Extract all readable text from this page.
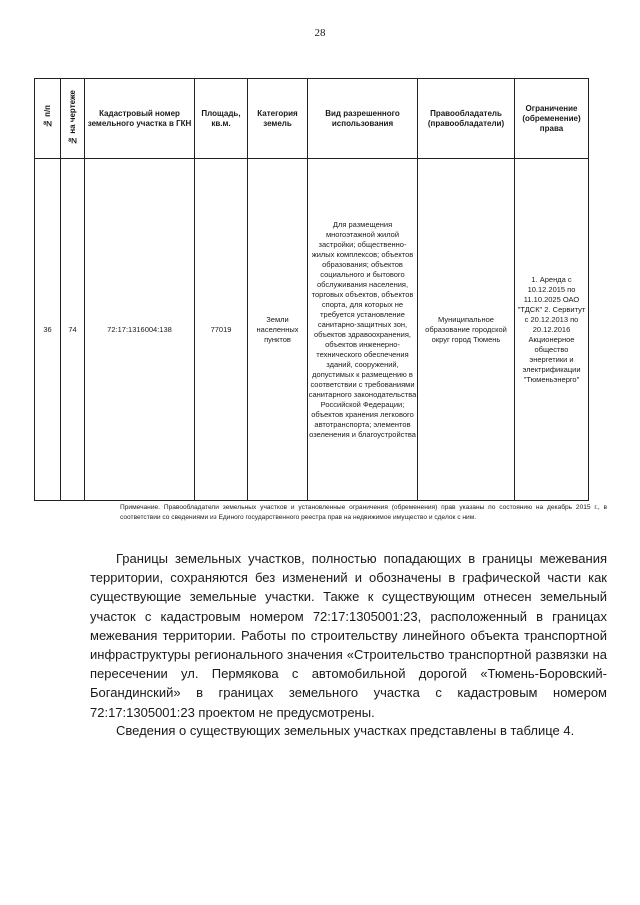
28
№ п/п	№ на чертеже	Кадастровый номер земельного участка в ГКН	Площадь, кв.м.	Категория земель	Вид разрешенного использования	Правообладатель (правообладатели)	Ограничение (обременение) права
36	74	72:17:1316004:138	77019	Земли населенных пунктов	Для размещения многоэтажной жилой застройки; общественно-жилых комплексов; объектов образования; объектов социального и бытового обслуживания населения, торговых объектов, объектов спорта, для которых не требуется установление санитарно-защитных зон, объектов здравоохранения, объектов инженерно-технического обеспечения зданий, сооружений, допустимых к размещению в соответствии с требованиями санитарного законодательства Российской Федерации; объектов хранения легкового автотранспорта; элементов озеленения и благоустройства	Муниципальное образование городской округ город Тюмень	1. Аренда с 10.12.2015 по 11.10.2025 ОАО "ТДСК" 2. Сервитут с 20.12.2013 по 20.12.2016 Акционерное общество энергетики и электрификации "Тюменьэнерго"
Примечание. Правообладатели земельных участков и установленные ограничения (обременения) прав указаны по состоянию на декабрь 2015 г., в соответствии со сведениями из Единого государственного реестра прав на недвижимое имущество и сделок с ним.
Границы земельных участков, полностью попадающих в границы межевания территории, сохраняются без изменений и обозначены в графической части как существующие земельные участки. Также к существующим отнесен земельный участок с кадастровым номером 72:17:1305001:23, расположенный в границах межевания территории. Работы по строительству линейного объекта транспортной инфраструктуры регионального значения «Строительство транспортной развязки на пересечении ул. Пермякова с автомобильной дорогой «Тюмень-Боровский-Богандинский» в границах земельного участка с кадастровым номером 72:17:1305001:23 проектом не предусмотрены.
Сведения о существующих земельных участках представлены в таблице 4.
